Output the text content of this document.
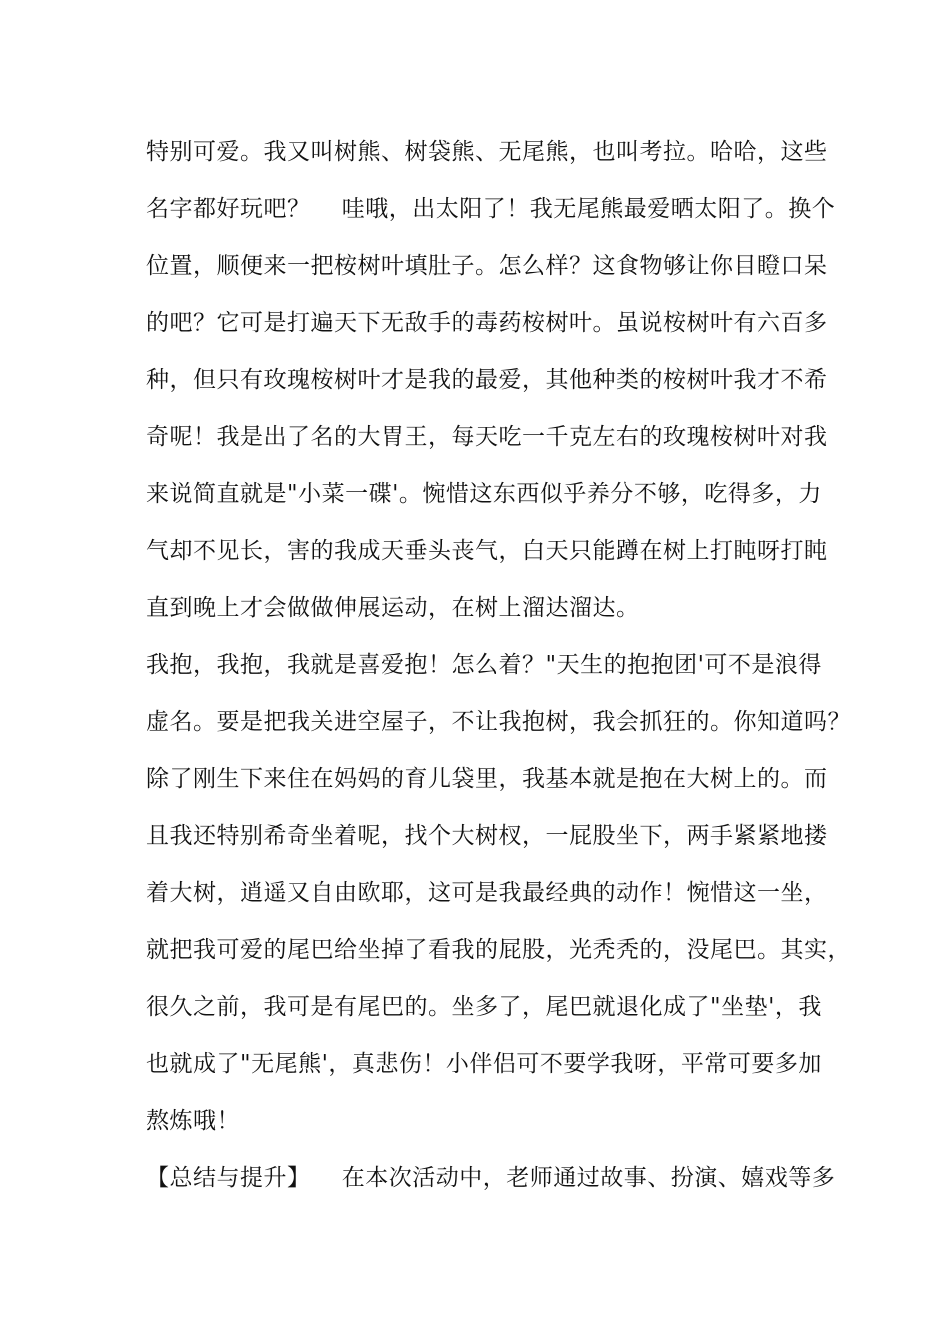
特别可爱。我又叫树熊、树袋熊、无尾熊，也叫考拉。哈哈，这些
名字都好玩吧？    哇哦，出太阳了！我无尾熊最爱晒太阳了。换个
位置，顺便来一把桉树叶填肚子。怎么样？这食物够让你目瞪口呆
的吧？它可是打遍天下无敌手的毒药桉树叶。虽说桉树叶有六百多
种，但只有玫瑰桉树叶才是我的最爱，其他种类的桉树叶我才不希
奇呢！我是出了名的大胃王，每天吃一千克左右的玫瑰桉树叶对我
来说简直就是"小菜一碟'。惋惜这东西似乎养分不够，吃得多，力
气却不见长，害的我成天垂头丧气，白天只能蹲在树上打盹呀打盹
直到晚上才会做做伸展运动，在树上溜达溜达。
我抱，我抱，我就是喜爱抱！怎么着？"天生的抱抱团'可不是浪得
虚名。要是把我关进空屋子，不让我抱树，我会抓狂的。你知道吗？
除了刚生下来住在妈妈的育儿袋里，我基本就是抱在大树上的。而
且我还特别希奇坐着呢，找个大树杈，一屁股坐下，两手紧紧地搂
着大树，逍遥又自由欧耶，这可是我最经典的动作！惋惜这一坐，
就把我可爱的尾巴给坐掉了看我的屁股，光秃秃的，没尾巴。其实，
很久之前，我可是有尾巴的。坐多了，尾巴就退化成了"坐垫'，我
也就成了"无尾熊'，真悲伤！小伴侣可不要学我呀，平常可要多加
熬炼哦！
【总结与提升】    在本次活动中，老师通过故事、扮演、嬉戏等多
